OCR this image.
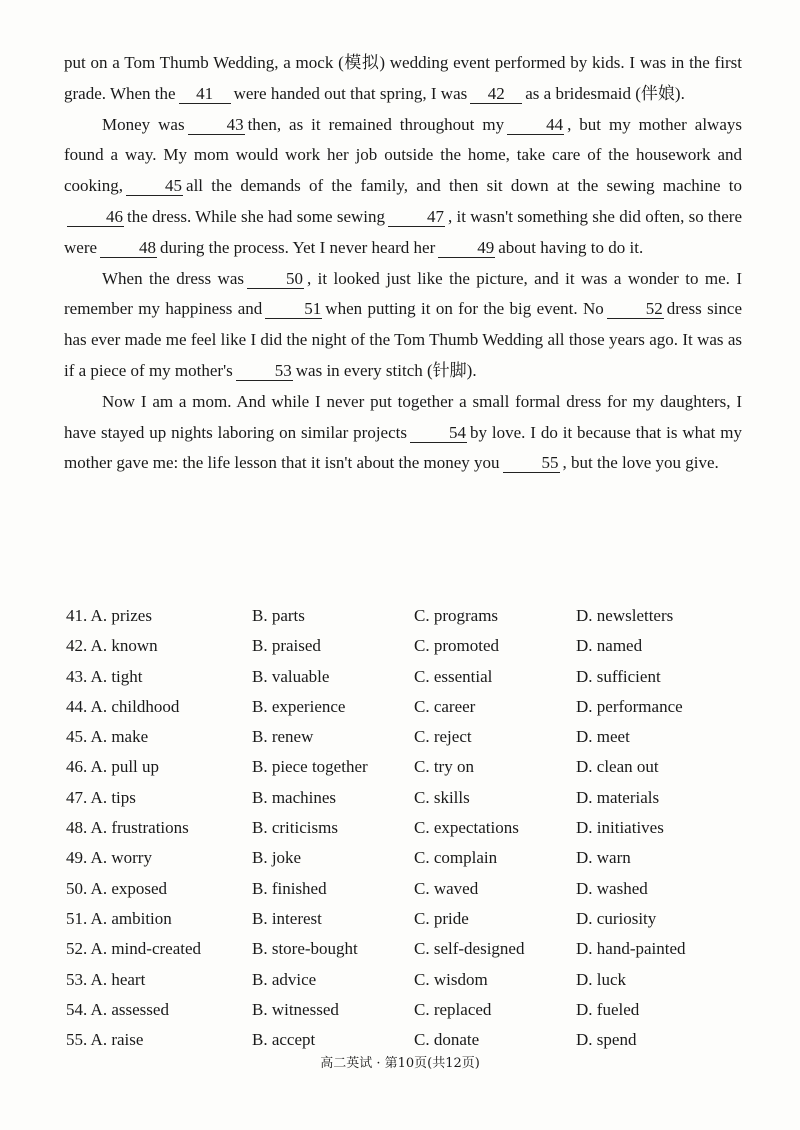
put on a Tom Thumb Wedding, a mock (模拟) wedding event performed by kids. I was in the first grade. When the 41 were handed out that spring, I was 42 as a bridesmaid (伴娘).

Money was 43 then, as it remained throughout my 44 , but my mother always found a way. My mom would work her job outside the home, take care of the housework and cooking, 45 all the demands of the family, and then sit down at the sewing machine to46 the dress. While she had some sewing 47 , it wasn't something she did often, so there were 48 during the process. Yet I never heard her 49 about having to do it.

When the dress was 50 , it looked just like the picture, and it was a wonder to me. I remember my happiness and 51 when putting it on for the big event. No 52 dress since has ever made me feel like I did the night of the Tom Thumb Wedding all those years ago. It was as if a piece of my mother's 53 was in every stitch (针脚).

Now I am a mom. And while I never put together a small formal dress for my daughters, I have stayed up nights laboring on similar projects 54 by love. I do it because that is what my mother gave me: the life lesson that it isn't about the money you 55 , but the love you give.

41. A. prizes	B. parts	C. programs	D. newsletters
42. A. known	B. praised	C. promoted	D. named
43. A. tight	B. valuable	C. essential	D. sufficient
44. A. childhood	B. experience	C. career	D. performance
45. A. make	B. renew	C. reject	D. meet
46. A. pull up	B. piece together	C. try on	D. clean out
47. A. tips	B. machines	C. skills	D. materials
48. A. frustrations	B. criticisms	C. expectations	D. initiatives
49. A. worry	B. joke	C. complain	D. warn
50. A. exposed	B. finished	C. waved	D. washed
51. A. ambition	B. interest	C. pride	D. curiosity
52. A. mind-created	B. store-bought	C. self-designed	D. hand-painted
53. A. heart	B. advice	C. wisdom	D. luck
54. A. assessed	B. witnessed	C. replaced	D. fueled
55. A. raise	B. accept	C. donate	D. spend
高二英试 · 第10页(共12页)
